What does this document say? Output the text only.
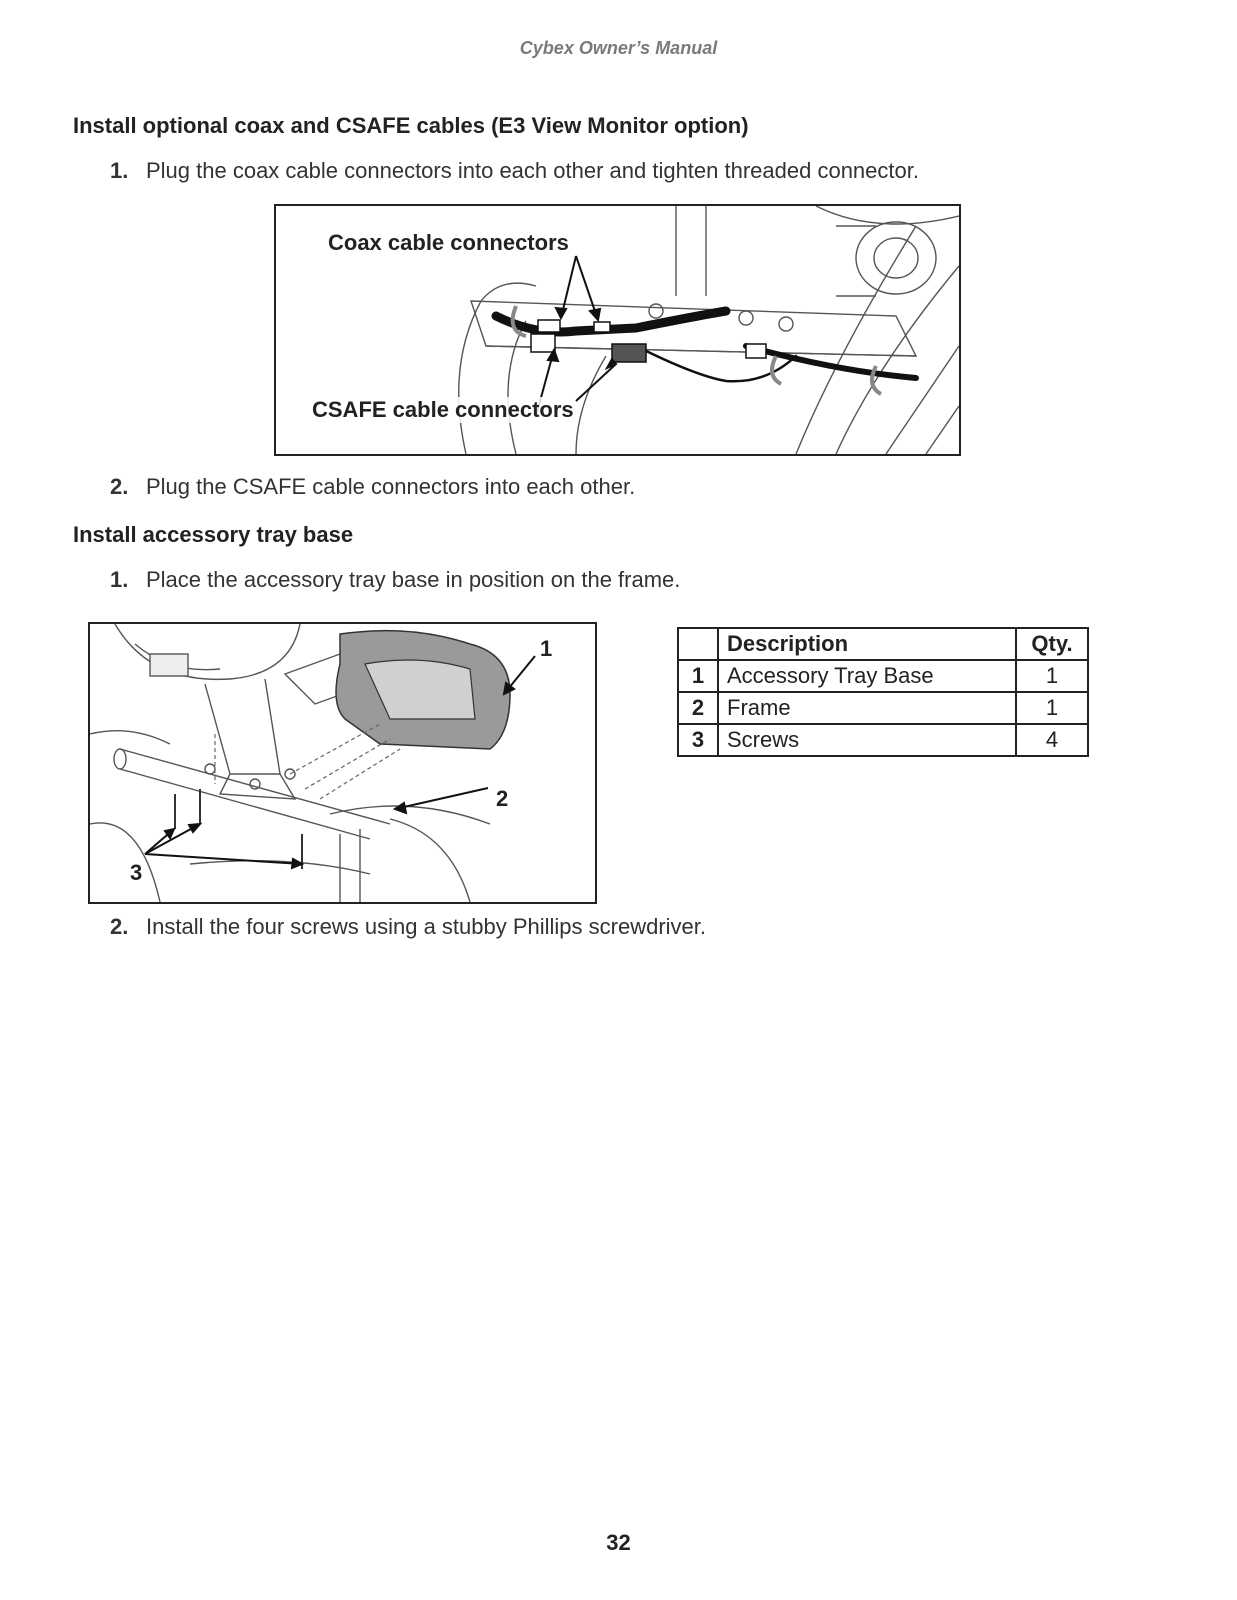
Cybex Owner’s Manual
Install optional coax and CSAFE cables (E3 View Monitor option)
1. Plug the coax cable connectors into each other and tighten threaded connector.
Coax cable connectors
CSAFE cable connectors
2. Plug the CSAFE cable connectors into each other.
Install accessory tray base
1. Place the accessory tray base in position on the frame.
1
2
3
	Description	Qty.
1	Accessory Tray Base	1
2	Frame	1
3	Screws	4
2. Install the four screws using a stubby Phillips screwdriver.
32
